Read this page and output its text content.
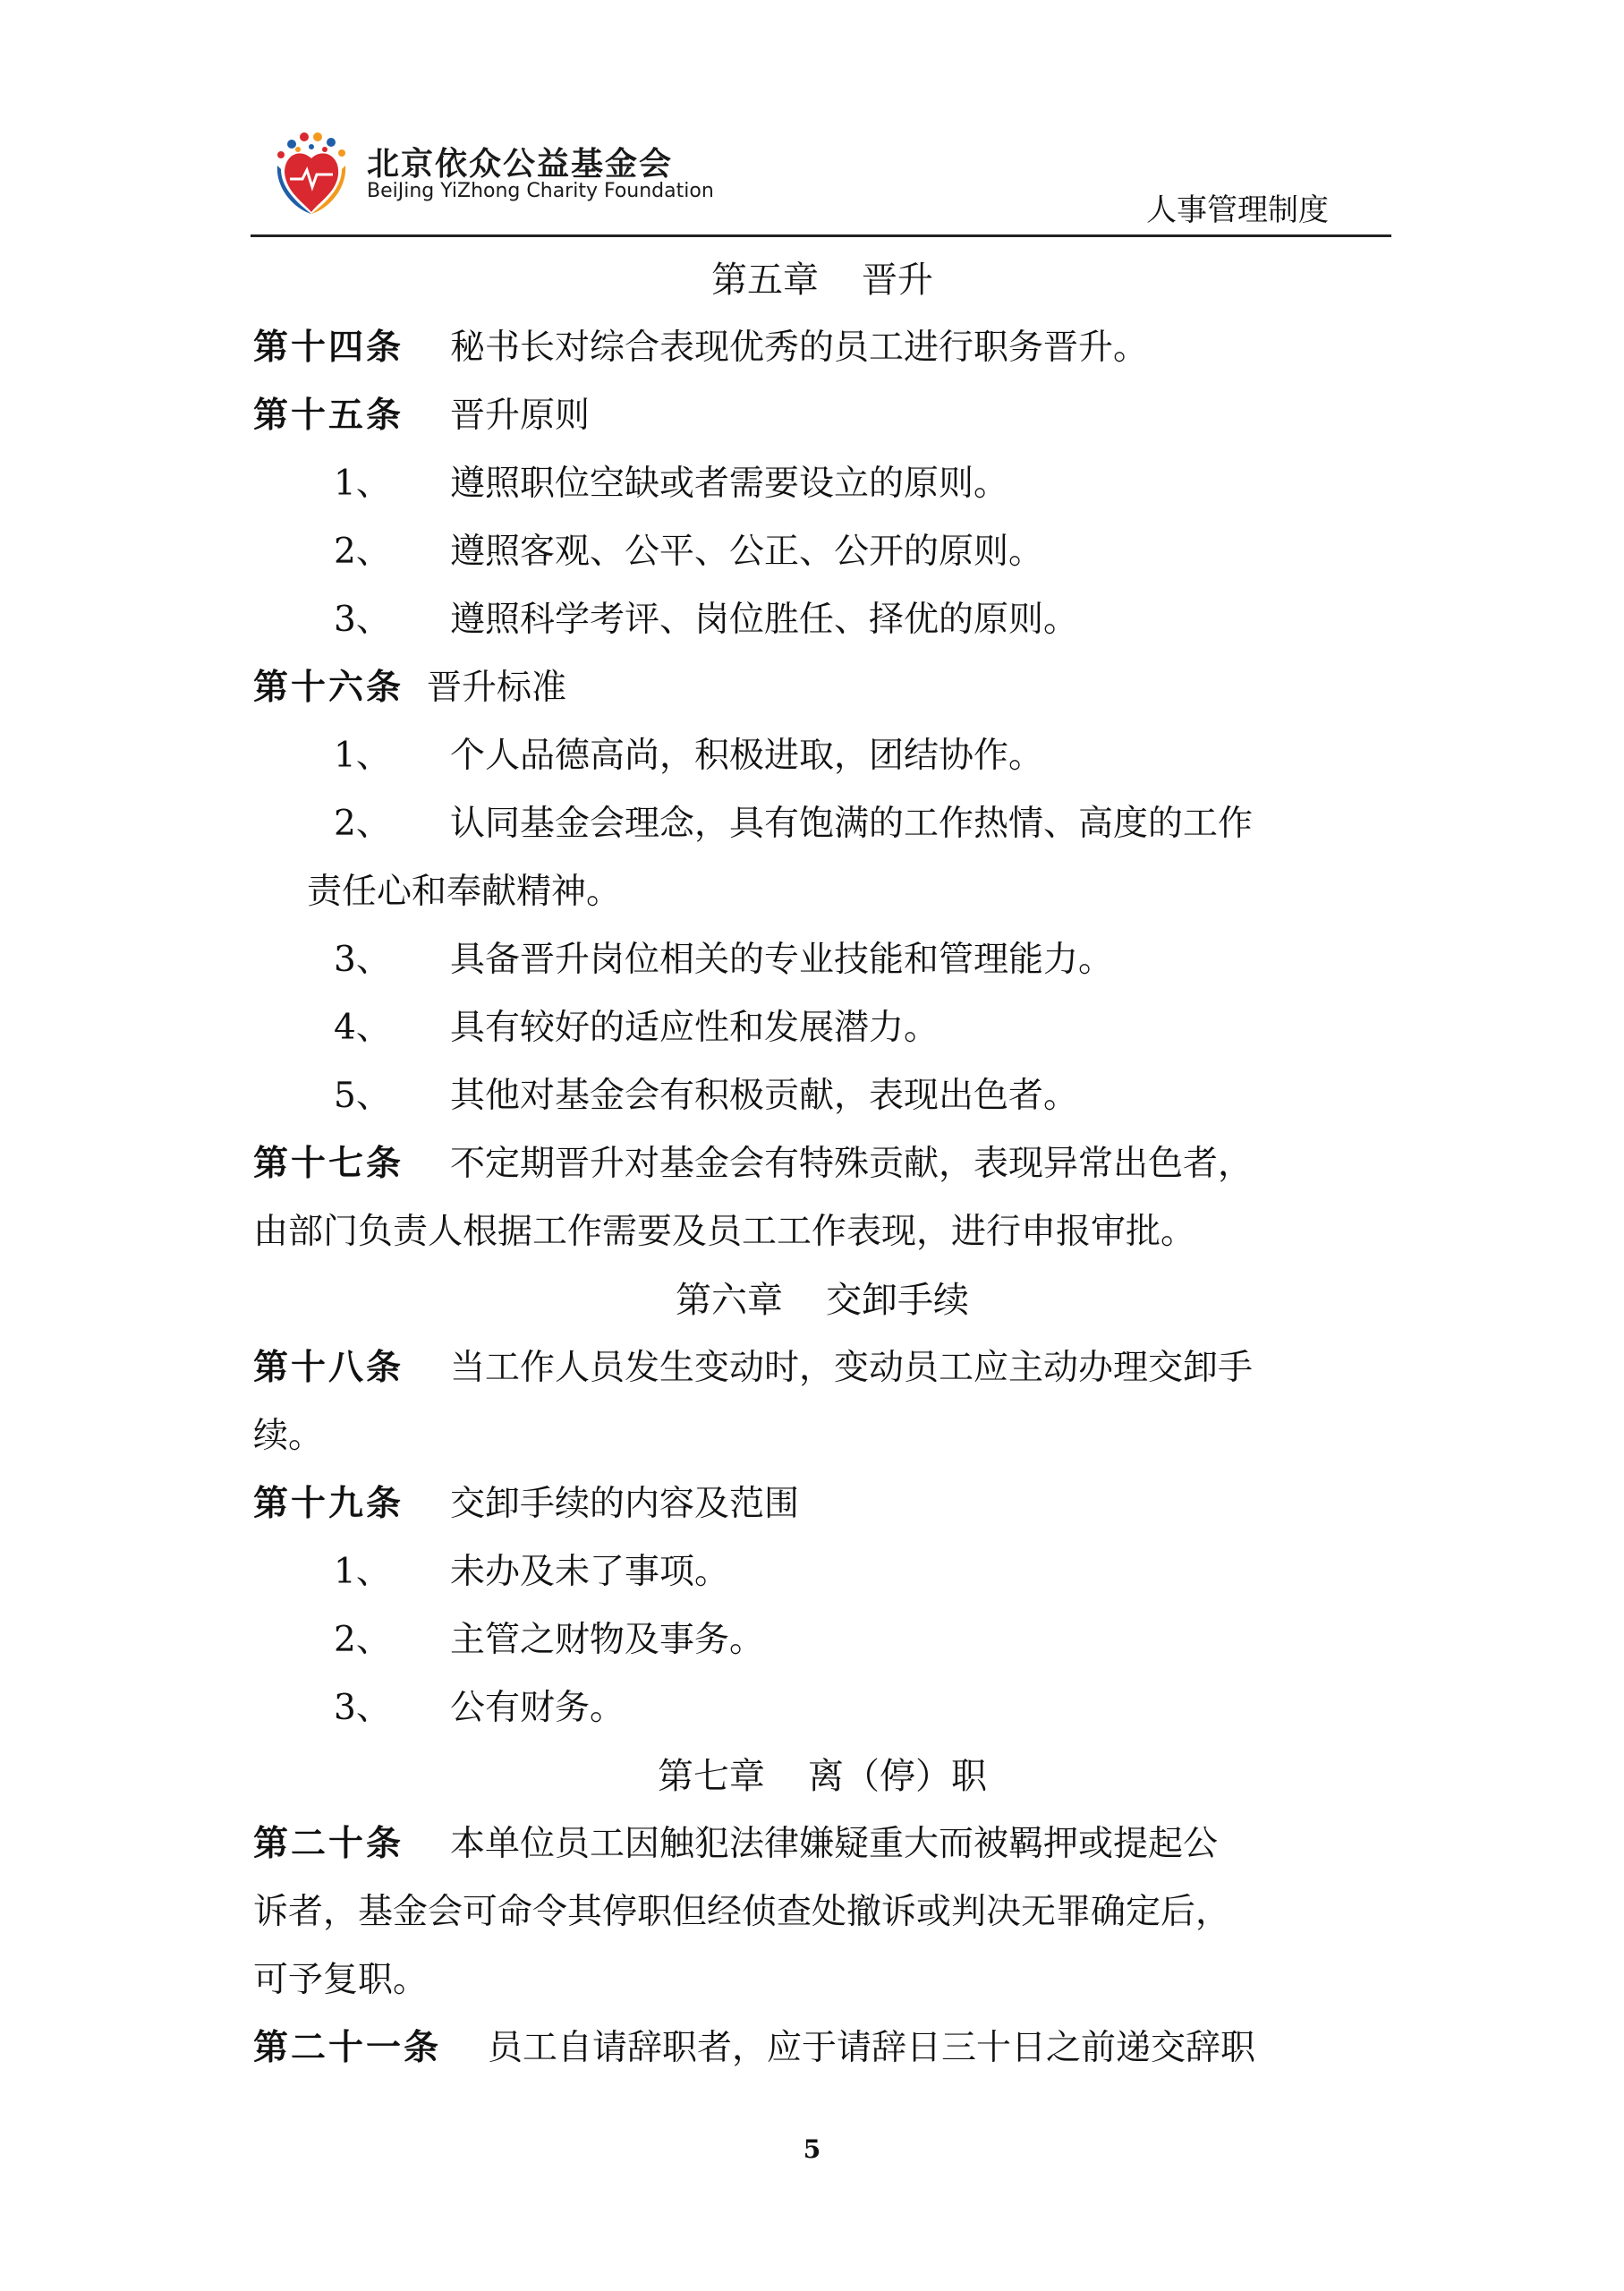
北京依众公益基金会
BeiJing YiZhong Charity Foundation
人事管理制度
第五章 晋升
第十四条 秘书长对综合表现优秀的员工进行职务晋升。
第十五条 晋升原则
1、 遵照职位空缺或者需要设立的原则。
2、 遵照客观、公平、公正、公开的原则。
3、 遵照科学考评、岗位胜任、择优的原则。
第十六条 晋升标准
1、 个人品德高尚，积极进取，团结协作。
2、 认同基金会理念，具有饱满的工作热情、高度的工作
责任心和奉献精神。
3、 具备晋升岗位相关的专业技能和管理能力。
4、 具有较好的适应性和发展潜力。
5、 其他对基金会有积极贡献，表现出色者。
第十七条 不定期晋升对基金会有特殊贡献，表现异常出色者，
由部门负责人根据工作需要及员工工作表现，进行申报审批。
第六章 交卸手续
第十八条 当工作人员发生变动时，变动员工应主动办理交卸手
续。
第十九条 交卸手续的内容及范围
1、 未办及未了事项。
2、 主管之财物及事务。
3、 公有财务。
第七章 离（停）职
第二十条 本单位员工因触犯法律嫌疑重大而被羁押或提起公
诉者，基金会可命令其停职但经侦查处撤诉或判决无罪确定后，
可予复职。
第二十一条 员工自请辞职者，应于请辞日三十日之前递交辞职
5
